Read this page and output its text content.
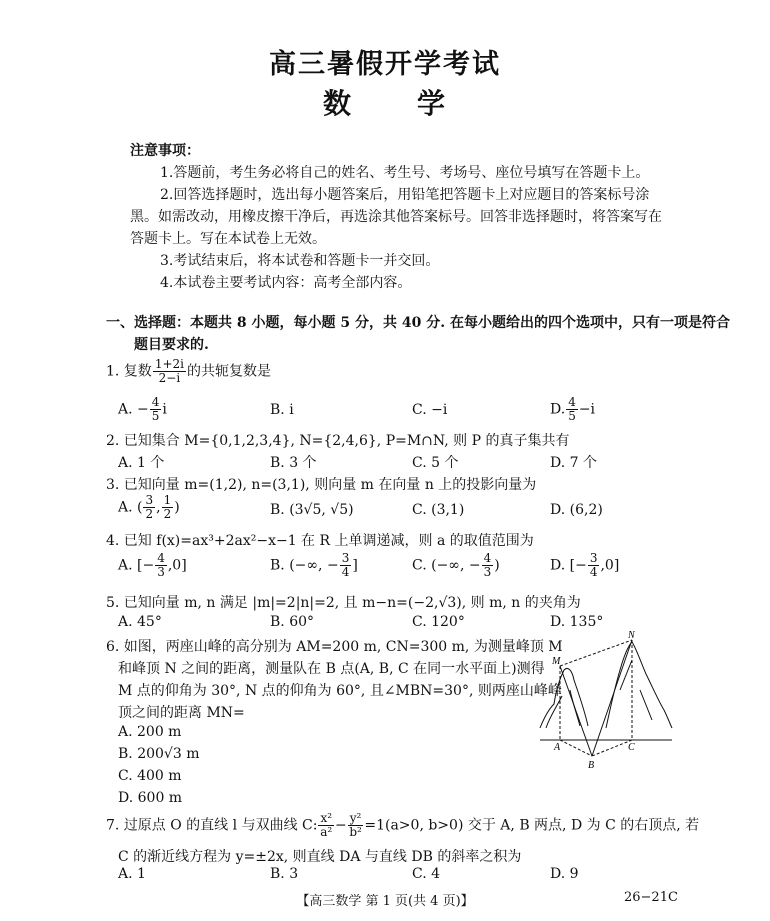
高三暑假开学考试
数 学
注意事项：
1.答题前，考生务必将自己的姓名、考生号、考场号、座位号填写在答题卡上。
2.回答选择题时，选出每小题答案后，用铅笔把答题卡上对应题目的答案标号涂
黑。如需改动，用橡皮擦干净后，再选涂其他答案标号。回答非选择题时，将答案写在
答题卡上。写在本试卷上无效。
3.考试结束后，将本试卷和答题卡一并交回。
4.本试卷主要考试内容：高考全部内容。
一、选择题：本题共 8 小题，每小题 5 分，共 40 分. 在每小题给出的四个选项中，只有一项是符合
题目要求的.
1. 复数 $\frac{1+2i}{2-i}$ 的共轭复数是
A. − $\frac{4}{5}$ i	B. i	C. −i	D. $\frac{4}{5} -i$
2. 已知集合 M={0,1,2,3,4}, N={2,4,6}, P=M∩N, 则 P 的真子集共有
A. 1 个	B. 3 个	C. 5 个	D. 7 个
3. 已知向量 m=(1,2), n=(3,1), 则向量 m 在向量 n 上的投影向量为
A. ( $\frac{3}{2}$ , $\frac{1}{2}$ )	B. (3√5, √5)	C. (3,1)	D. (6,2)
4. 已知 f(x)=ax³+2ax²−x−1 在 R 上单调递减，则 a 的取值范围为
A. [− $\frac{4}{3} ,0$]	B. (−∞, − $\frac{3}{4}$ ]	C. (−∞, − $\frac{4}{3}$ )	D. [− $\frac{3}{4} ,0$]
5. 已知向量 m, n 满足 |m|=2|n|=2, 且 m−n=(−2,√3), 则 m, n 的夹角为
A. 45°	B. 60°	C. 120°	D. 135°
6. 如图，两座山峰的高分别为 AM=200 m, CN=300 m, 为测量峰顶 M
和峰顶 N 之间的距离，测量队在 B 点(A, B, C 在同一水平面上)测得
M 点的仰角为 30°, N 点的仰角为 60°, 且∠MBN=30°, 则两座山峰峰
顶之间的距离 MN=
A. 200 m
B. 200√3 m
C. 400 m
D. 600 m
N
M
A
B
C
7. 过原点 O 的直线 l 与双曲线 C: $\frac{\text{x²}}{\text{a²}} - \frac{\text{y²}}{\text{b²}} =1(a>0$, b>0) 交于 A, B 两点, D 为 C 的右顶点, 若
C 的渐近线方程为 y=±2x, 则直线 DA 与直线 DB 的斜率之积为
A. 1	B. 3	C. 4	D. 9
【高三数学 第 1 页(共 4 页)】	26−21C
